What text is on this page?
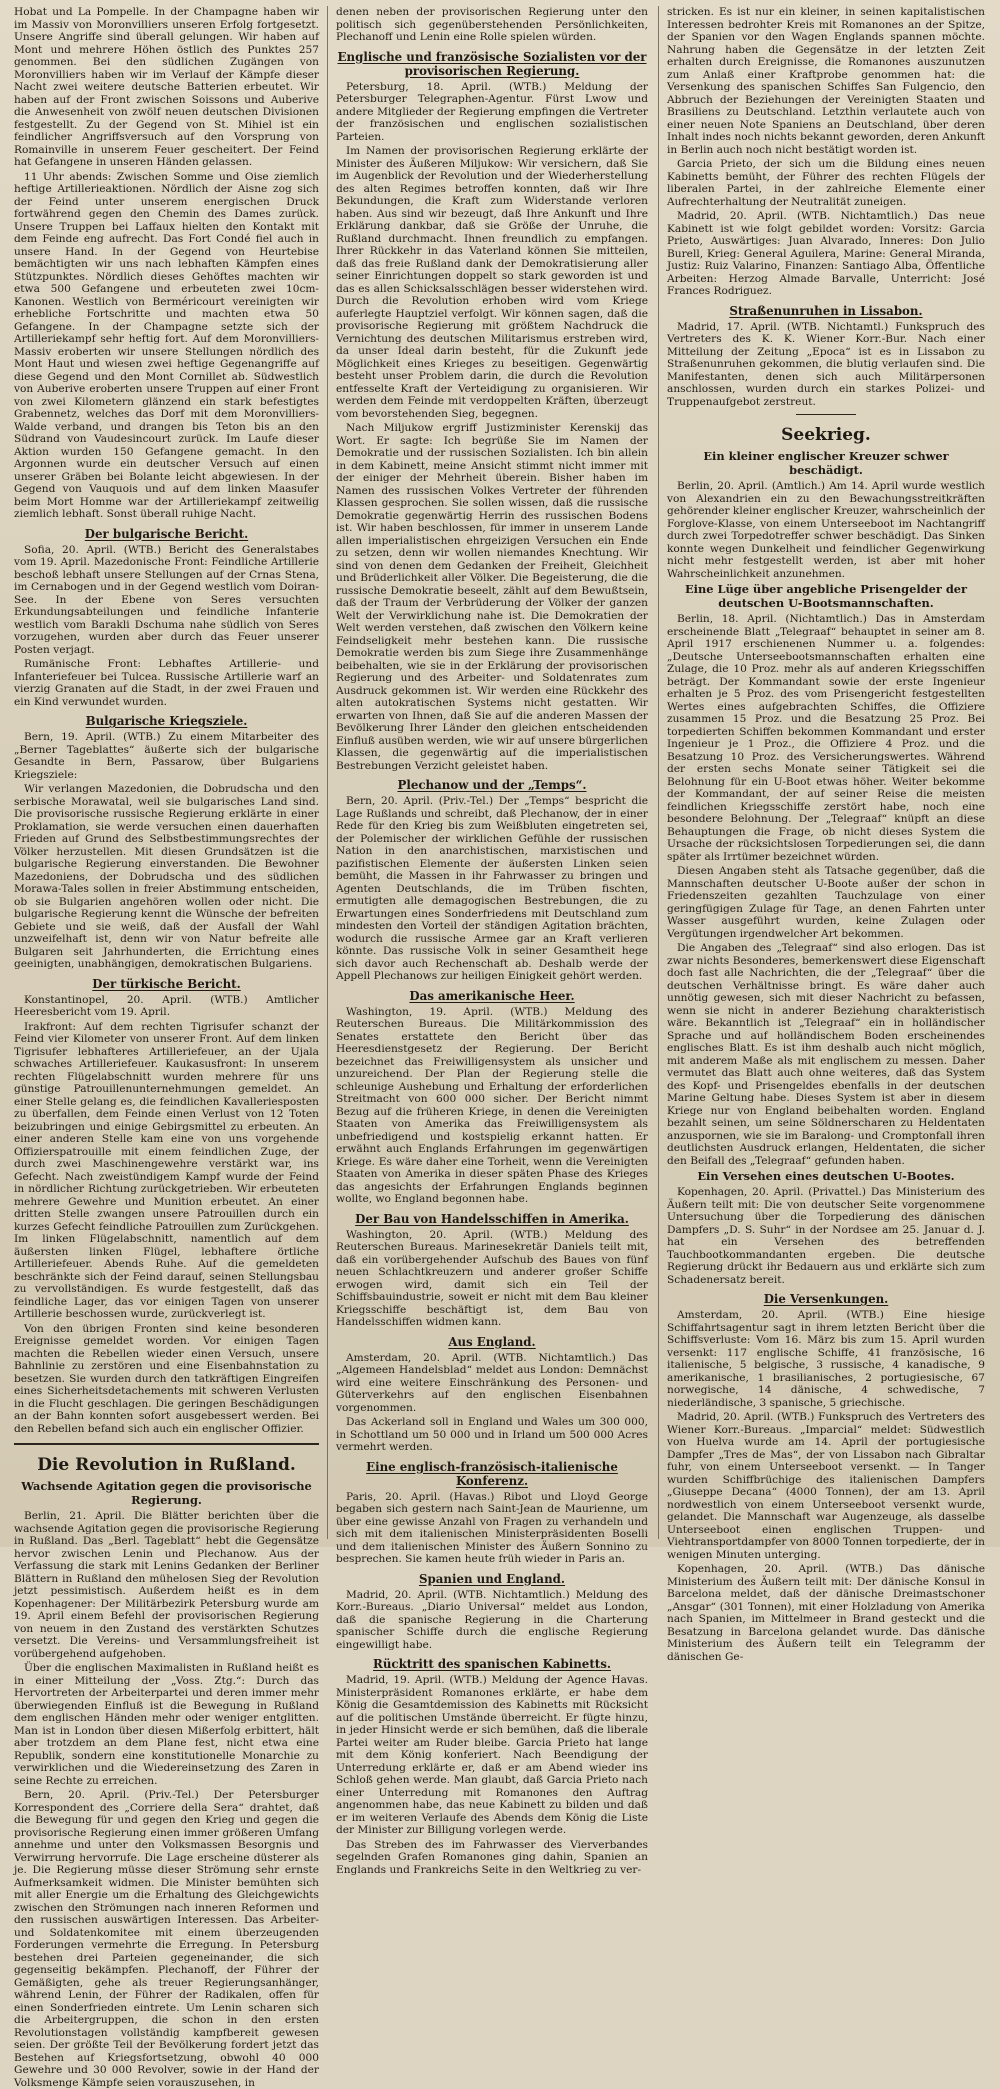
Hobat und La Pompelle. In der Champagne haben wir im Massiv von Moronvilliers unseren Erfolg fortgesetzt. Unsere Angriffe sind überall gelungen. Wir haben auf Mont und mehrere Höhen östlich des Punktes 257 genommen. Bei den südlichen Zugängen von Moronvilliers haben wir im Verlauf der Kämpfe dieser Nacht zwei weitere deutsche Batterien erbeutet. Wir haben auf der Front zwischen Soissons und Auberive die Anwesenheit von zwölf neuen deutschen Divisionen festgestellt. Zu der Gegend von St. Mihiel ist ein feindlicher Angriffsversuch auf den Vorsprung von Romainville in unserem Feuer gescheitert. Der Feind hat Gefangene in unseren Händen gelassen.

11 Uhr abends: Zwischen Somme und Oise ziemlich heftige Artillerieaktionen. Nördlich der Aisne zog sich der Feind unter unserem energischen Druck fortwährend gegen den Chemin des Dames zurück. Unsere Truppen bei Laffaux hielten den Kontakt mit dem Feinde eng aufrecht. Das Fort Condé fiel auch in unsere Hand. In der Gegend von Heurtebise bemächtigten wir uns nach lebhaften Kämpfen eines Stützpunktes. Nördlich dieses Gehöftes machten wir etwa 500 Gefangene und erbeuteten zwei 10cm-Kanonen. Westlich von Berméricourt vereinigten wir erhebliche Fortschritte und machten etwa 50 Gefangene. In der Champagne setzte sich der Artilleriekampf sehr heftig fort. Auf dem Moronvilliers-Massiv eroberten wir unsere Stellungen nördlich des Mont Haut und wiesen zwei heftige Gegenangriffe auf diese Gegend und den Mont Cornillet ab. Südwestlich von Auberive eroberten unsere Truppen auf einer Front von zwei Kilometern glänzend ein stark befestigtes Grabennetz, welches das Dorf mit dem Moronvilliers-Walde verband, und drangen bis Teton bis an den Südrand von Vaudesincourt zurück. Im Laufe dieser Aktion wurden 150 Gefangene gemacht. In den Argonnen wurde ein deutscher Versuch auf einen unserer Gräben bei Bolante leicht abgewiesen. In der Gegend von Vauquois und auf dem linken Maasufer beim Mort Homme war der Artilleriekampf zeitweilig ziemlich lebhaft. Sonst überall ruhige Nacht.

Der bulgarische Bericht.

Sofia, 20. April. (WTB.) Bericht des Generalstabes vom 19. April. Mazedonische Front: Feindliche Artillerie beschoß lebhaft unsere Stellungen auf der Crnas Stena, im Cernabogen und in der Gegend westlich vom Doiran-See. In der Ebene von Seres versuchten Erkundungsabteilungen und feindliche Infanterie westlich vom Barakli Dschuma nahe südlich von Seres vorzugehen, wurden aber durch das Feuer unserer Posten verjagt.

Rumänische Front: Lebhaftes Artillerie- und Infanteriefeuer bei Tulcea. Russische Artillerie warf an vierzig Granaten auf die Stadt, in der zwei Frauen und ein Kind verwundet wurden.

Bulgarische Kriegsziele.

Bern, 19. April. (WTB.) Zu einem Mitarbeiter des „Berner Tageblattes“ äußerte sich der bulgarische Gesandte in Bern, Passarow, über Bulgariens Kriegsziele:

Wir verlangen Mazedonien, die Dobrudscha und den serbische Morawatal, weil sie bulgarisches Land sind. Die provisorische russische Regierung erklärte in einer Proklamation, sie werde versuchen einen dauerhaften Frieden auf Grund des Selbstbestimmungsrechtes der Völker herzustellen. Mit diesen Grundsätzen ist die bulgarische Regierung einverstanden. Die Bewohner Mazedoniens, der Dobrudscha und des südlichen Morawa-Tales sollen in freier Abstimmung entscheiden, ob sie Bulgarien angehören wollen oder nicht. Die bulgarische Regierung kennt die Wünsche der befreiten Gebiete und sie weiß, daß der Ausfall der Wahl unzweifelhaft ist, denn wir von Natur befreite alle Bulgaren seit Jahrhunderten, die Errichtung eines geeinigten, unabhängigen, demokratischen Bulgariens.

Der türkische Bericht.

Konstantinopel, 20. April. (WTB.) Amtlicher Heeresbericht vom 19. April.

Irakfront: Auf dem rechten Tigrisufer schanzt der Feind vier Kilometer von unserer Front. Auf dem linken Tigrisufer lebhafteres Artilleriefeuer, an der Ujala schwaches Artilleriefeuer. Kaukasusfront: In unserem rechten Flügelabschnitt wurden mehrere für uns günstige Patrouillenunternehmungen gemeldet. An einer Stelle gelang es, die feindlichen Kavalleriesposten zu überfallen, dem Feinde einen Verlust von 12 Toten beizubringen und einige Gebirgsmittel zu erbeuten. An einer anderen Stelle kam eine von uns vorgehende Offizierspatrouille mit einem feindlichen Zuge, der durch zwei Maschinengewehre verstärkt war, ins Gefecht. Nach zweistündigem Kampf wurde der Feind in nördlicher Richtung zurückgetrieben. Wir erbeuteten mehrere Gewehre und Munition erbeutet. An einer dritten Stelle zwangen unsere Patrouillen durch ein kurzes Gefecht feindliche Patrouillen zum Zurückgehen. Im linken Flügelabschnitt, namentlich auf dem äußersten linken Flügel, lebhaftere örtliche Artilleriefeuer. Abends Ruhe. Auf die gemeldeten beschränkte sich der Feind darauf, seinen Stellungsbau zu vervollständigen. Es wurde festgestellt, daß das feindliche Lager, das vor einigen Tagen von unserer Artillerie beschossen wurde, zurückverlegt ist.

Von den übrigen Fronten sind keine besonderen Ereignisse gemeldet worden. Vor einigen Tagen machten die Rebellen wieder einen Versuch, unsere Bahnlinie zu zerstören und eine Eisenbahnstation zu besetzen. Sie wurden durch den tatkräftigen Eingreifen eines Sicherheitsdetachements mit schweren Verlusten in die Flucht geschlagen. Die geringen Beschädigungen an der Bahn konnten sofort ausgebessert werden. Bei den Rebellen befand sich auch ein englischer Offizier.

Die Revolution in Rußland.
Wachsende Agitation gegen die provisorische Regierung.

Berlin, 21. April. Die Blätter berichten über die wachsende Agitation gegen die provisorische Regierung in Rußland. Das „Berl. Tageblatt“ hebt die Gegensätze hervor zwischen Lenin und Plechanow. Aus der Verfassung die stark mit Lenins Gedanken der Berliner Blättern in Rußland den mühelosen Sieg der Revolution jetzt pessimistisch. Außerdem heißt es in dem Kopenhagener: Der Militärbezirk Petersburg wurde am 19. April einem Befehl der provisorischen Regierung von neuem in den Zustand des verstärkten Schutzes versetzt. Die Vereins- und Versammlungsfreiheit ist vorübergehend aufgehoben.

Über die englischen Maximalisten in Rußland heißt es in einer Mitteilung der „Voss. Ztg.“: Durch das Hervortreten der Arbeiterpartei und deren immer mehr überwiegenden Einfluß ist die Bewegung in Rußland dem englischen Händen mehr oder weniger entglitten. Man ist in London über diesen Mißerfolg erbittert, hält aber trotzdem an dem Plane fest, nicht etwa eine Republik, sondern eine konstitutionelle Monarchie zu verwirklichen und die Wiedereinsetzung des Zaren in seine Rechte zu erreichen.

Bern, 20. April. (Priv.-Tel.) Der Petersburger Korrespondent des „Corriere della Sera“ drahtet, daß die Bewegung für und gegen den Krieg und gegen die provisorische Regierung einen immer größeren Umfang annehme und unter den Volksmassen Besorgnis und Verwirrung hervorrufe. Die Lage erscheine düsterer als je. Die Regierung müsse dieser Strömung sehr ernste Aufmerksamkeit widmen. Die Minister bemühten sich mit aller Energie um die Erhaltung des Gleichgewichts zwischen den Strömungen nach inneren Reformen und den russischen auswärtigen Interessen. Das Arbeiter- und Soldatenkomitee mit einem überzeugenden Forderungen vermehrte die Erregung. In Petersburg bestehen drei Parteien gegeneinander, die sich gegenseitig bekämpfen. Plechanoff, der Führer der Gemäßigten, gehe als treuer Regierungsanhänger, während Lenin, der Führer der Radikalen, offen für einen Sonderfrieden eintrete. Um Lenin scharen sich die Arbeitergruppen, die schon in den ersten Revolutionstagen vollständig kampfbereit gewesen seien. Der größte Teil der Bevölkerung fordert jetzt das Bestehen auf Kriegsfortsetzung, obwohl 40 000 Gewehre und 30 000 Revolver, sowie in der Hand der Volksmenge Kämpfe seien vorauszusehen, in

denen neben der provisorischen Regierung unter den politisch sich gegenüberstehenden Persönlichkeiten, Plechanoff und Lenin eine Rolle spielen würden.

Englische und französische Sozialisten vor der provisorischen Regierung.

Petersburg, 18. April. (WTB.) Meldung der Petersburger Telegraphen-Agentur. Fürst Lwow und andere Mitglieder der Regierung empfingen die Vertreter der französischen und englischen sozialistischen Parteien.

Im Namen der provisorischen Regierung erklärte der Minister des Äußeren Miljukow: Wir versichern, daß Sie im Augenblick der Revolution und der Wiederherstellung des alten Regimes betroffen konnten, daß wir Ihre Bekundungen, die Kraft zum Widerstande verloren haben. Aus sind wir bezeugt, daß Ihre Ankunft und Ihre Erklärung dankbar, daß sie Größe der Unruhe, die Rußland durchmacht. Ihnen freundlich zu empfangen. Ihrer Rückkehr in das Vaterland können Sie mitteilen, daß das freie Rußland dank der Demokratisierung aller seiner Einrichtungen doppelt so stark geworden ist und das es allen Schicksalsschlägen besser widerstehen wird. Durch die Revolution erhoben wird vom Kriege auferlegte Hauptziel verfolgt. Wir können sagen, daß die provisorische Regierung mit größtem Nachdruck die Vernichtung des deutschen Militarismus erstreben wird, da unser Ideal darin besteht, für die Zukunft jede Möglichkeit eines Krieges zu beseitigen. Gegenwärtig besteht unser Problem darin, die durch die Revolution entfesselte Kraft der Verteidigung zu organisieren. Wir werden dem Feinde mit verdoppelten Kräften, überzeugt vom bevorstehenden Sieg, begegnen.

Nach Miljukow ergriff Justizminister Kerenskij das Wort. Er sagte: Ich begrüße Sie im Namen der Demokratie und der russischen Sozialisten. Ich bin allein in dem Kabinett, meine Ansicht stimmt nicht immer mit der einiger der Mehrheit überein. Bisher haben im Namen des russischen Volkes Vertreter der führenden Klassen gesprochen. Sie sollen wissen, daß die russische Demokratie gegenwärtig Herrin des russischen Bodens ist. Wir haben beschlossen, für immer in unserem Lande allen imperialistischen ehrgeizigen Versuchen ein Ende zu setzen, denn wir wollen niemandes Knechtung. Wir sind von denen dem Gedanken der Freiheit, Gleichheit und Brüderlichkeit aller Völker. Die Begeisterung, die die russische Demokratie beseelt, zählt auf dem Bewußtsein, daß der Traum der Verbrüderung der Völker der ganzen Welt der Verwirklichung nahe ist. Die Demokratien der Welt werden verstehen, daß zwischen den Völkern keine Feindseligkeit mehr bestehen kann. Die russische Demokratie werden bis zum Siege ihre Zusammenhänge beibehalten, wie sie in der Erklärung der provisorischen Regierung und des Arbeiter- und Soldatenrates zum Ausdruck gekommen ist. Wir werden eine Rückkehr des alten autokratischen Systems nicht gestatten. Wir erwarten von Ihnen, daß Sie auf die anderen Massen der Bevölkerung Ihrer Länder den gleichen entscheidenden Einfluß ausüben werden, wie wir auf unsere bürgerlichen Klassen, die gegenwärtig auf die imperialistischen Bestrebungen Verzicht geleistet haben.

Plechanow und der „Temps“.

Bern, 20. April. (Priv.-Tel.) Der „Temps“ bespricht die Lage Rußlands und schreibt, daß Plechanow, der in einer Rede für den Krieg bis zum Weißbluten eingetreten sei, der Polemischer der wirklichen Gefühle der russischen Nation in den anarchistischen, marxistischen und pazifistischen Elemente der äußersten Linken seien bemüht, die Massen in ihr Fahrwasser zu bringen und Agenten Deutschlands, die im Trüben fischten, ermutigten alle demagogischen Bestrebungen, die zu Erwartungen eines Sonderfriedens mit Deutschland zum mindesten den Vorteil der ständigen Agitation brächten, wodurch die russische Armee gar an Kraft verlieren könnte. Das russische Volk in seiner Gesamtheit hege sich davor auch Rechenschaft ab. Deshalb werde der Appell Plechanows zur heiligen Einigkeit gehört werden.

Das amerikanische Heer.

Washington, 19. April. (WTB.) Meldung des Reuterschen Bureaus. Die Militärkommission des Senates erstattete den Bericht über das Heeresdienstgesetz der Regierung. Der Bericht bezeichnet das Freiwilligensystem als unsicher und unzureichend. Der Plan der Regierung stelle die schleunige Aushebung und Erhaltung der erforderlichen Streitmacht von 600 000 sicher. Der Bericht nimmt Bezug auf die früheren Kriege, in denen die Vereinigten Staaten von Amerika das Freiwilligensystem als unbefriedigend und kostspielig erkannt hatten. Er erwähnt auch Englands Erfahrungen im gegenwärtigen Kriege. Es wäre daher eine Torheit, wenn die Vereinigten Staaten von Amerika in dieser späten Phase des Krieges das angesichts der Erfahrungen Englands beginnen wollte, wo England begonnen habe.

Der Bau von Handelsschiffen in Amerika.

Washington, 20. April. (WTB.) Meldung des Reuterschen Bureaus. Marinesekretär Daniels teilt mit, daß ein vorübergehender Aufschub des Baues von fünf neuen Schlachtkreuzern und anderer großer Schiffe erwogen wird, damit sich ein Teil der Schiffsbauindustrie, soweit er nicht mit dem Bau kleiner Kriegsschiffe beschäftigt ist, dem Bau von Handelsschiffen widmen kann.

Aus England.

Amsterdam, 20. April. (WTB. Nichtamtlich.) Das „Algemeen Handelsblad“ meldet aus London: Demnächst wird eine weitere Einschränkung des Personen- und Güterverkehrs auf den englischen Eisenbahnen vorgenommen.

Das Ackerland soll in England und Wales um 300 000, in Schottland um 50 000 und in Irland um 500 000 Acres vermehrt werden.

Eine englisch-französisch-italienische Konferenz.

Paris, 20. April. (Havas.) Ribot und Lloyd George begaben sich gestern nach Saint-Jean de Maurienne, um über eine gewisse Anzahl von Fragen zu verhandeln und sich mit dem italienischen Ministerpräsidenten Boselli und dem italienischen Minister des Äußern Sonnino zu besprechen. Sie kamen heute früh wieder in Paris an.

Spanien und England.

Madrid, 20. April. (WTB. Nichtamtlich.) Meldung des Korr.-Bureaus. „Diario Universal“ meldet aus London, daß die spanische Regierung in die Charterung spanischer Schiffe durch die englische Regierung eingewilligt habe.

Rücktritt des spanischen Kabinetts.

Madrid, 19. April. (WTB.) Meldung der Agence Havas. Ministerpräsident Romanones erklärte, er habe dem König die Gesamtdemission des Kabinetts mit Rücksicht auf die politischen Umstände überreicht. Er fügte hinzu, in jeder Hinsicht werde er sich bemühen, daß die liberale Partei weiter am Ruder bleibe. Garcia Prieto hat lange mit dem König konferiert. Nach Beendigung der Unterredung erklärte er, daß er am Abend wieder ins Schloß gehen werde. Man glaubt, daß Garcia Prieto nach einer Unterredung mit Romanones den Auftrag angenommen habe, das neue Kabinett zu bilden und daß er im weiteren Verlaufe des Abends dem König die Liste der Minister zur Billigung vorlegen werde.

Das Streben des im Fahrwasser des Vierverbandes segelnden Grafen Romanones ging dahin, Spanien an Englands und Frankreichs Seite in den Weltkrieg zu ver-

stricken. Es ist nur ein kleiner, in seinen kapitalistischen Interessen bedrohter Kreis mit Romanones an der Spitze, der Spanien vor den Wagen Englands spannen möchte. Nahrung haben die Gegensätze in der letzten Zeit erhalten durch Ereignisse, die Romanones auszunutzen zum Anlaß einer Kraftprobe genommen hat: die Versenkung des spanischen Schiffes San Fulgencio, den Abbruch der Beziehungen der Vereinigten Staaten und Brasiliens zu Deutschland. Letzthin verlautete auch von einer neuen Note Spaniens an Deutschland, über deren Inhalt indes noch nichts bekannt geworden, deren Ankunft in Berlin auch noch nicht bestätigt worden ist.

Garcia Prieto, der sich um die Bildung eines neuen Kabinetts bemüht, der Führer des rechten Flügels der liberalen Partei, in der zahlreiche Elemente einer Aufrechterhaltung der Neutralität zuneigen.

Madrid, 20. April. (WTB. Nichtamtlich.) Das neue Kabinett ist wie folgt gebildet worden: Vorsitz: Garcia Prieto, Auswärtiges: Juan Alvarado, Inneres: Don Julio Burell, Krieg: General Aguilera, Marine: General Miranda, Justiz: Ruiz Valarino, Finanzen: Santiago Alba, Öffentliche Arbeiten: Herzog Almade Barvalle, Unterricht: José Frances Rodriguez.

Straßenunruhen in Lissabon.

Madrid, 17. April. (WTB. Nichtamtl.) Funkspruch des Vertreters des K. K. Wiener Korr.-Bur. Nach einer Mitteilung der Zeitung „Epoca“ ist es in Lissabon zu Straßenunruhen gekommen, die blutig verlaufen sind. Die Manifestanten, denen sich auch Militärpersonen anschlossen, wurden durch ein starkes Polizei- und Truppenaufgebot zerstreut.

Seekrieg.
Ein kleiner englischer Kreuzer schwer beschädigt.

Berlin, 20. April. (Amtlich.) Am 14. April wurde westlich von Alexandrien ein zu den Bewachungsstreitkräften gehörender kleiner englischer Kreuzer, wahrscheinlich der Forglove-Klasse, von einem Unterseeboot im Nachtangriff durch zwei Torpedotreffer schwer beschädigt. Das Sinken konnte wegen Dunkelheit und feindlicher Gegenwirkung nicht mehr festgestellt werden, ist aber mit hoher Wahrscheinlichkeit anzunehmen.

Eine Lüge über angebliche Prisengelder der deutschen U-Bootsmannschaften.

Berlin, 18. April. (Nichtamtlich.) Das in Amsterdam erscheinende Blatt „Telegraaf“ behauptet in seiner am 8. April 1917 erschienenen Nummer u. a. folgendes: „Deutsche Unterseebootsmannschaften erhalten eine Zulage, die 10 Proz. mehr als auf anderen Kriegsschiffen beträgt. Der Kommandant sowie der erste Ingenieur erhalten je 5 Proz. des vom Prisengericht festgestellten Wertes eines aufgebrachten Schiffes, die Offiziere zusammen 15 Proz. und die Besatzung 25 Proz. Bei torpedierten Schiffen bekommen Kommandant und erster Ingenieur je 1 Proz., die Offiziere 4 Proz. und die Besatzung 10 Proz. des Versicherungswertes. Während der ersten sechs Monate seiner Tätigkeit sei die Belohnung für ein U-Boot etwas höher. Weiter bekomme der Kommandant, der auf seiner Reise die meisten feindlichen Kriegsschiffe zerstört habe, noch eine besondere Belohnung. Der „Telegraaf“ knüpft an diese Behauptungen die Frage, ob nicht dieses System die Ursache der rücksichtslosen Torpedierungen sei, die dann später als Irrtümer bezeichnet würden.

Diesen Angaben steht als Tatsache gegenüber, daß die Mannschaften deutscher U-Boote außer der schon in Friedenszeiten gezahlten Tauchzulage von einer geringfügigen Zulage für Tage, an denen Fahrten unter Wasser ausgeführt wurden, keine Zulagen oder Vergütungen irgendwelcher Art bekommen.

Die Angaben des „Telegraaf“ sind also erlogen. Das ist zwar nichts Besonderes, bemerkenswert diese Eigenschaft doch fast alle Nachrichten, die der „Telegraaf“ über die deutschen Verhältnisse bringt. Es wäre daher auch unnötig gewesen, sich mit dieser Nachricht zu befassen, wenn sie nicht in anderer Beziehung charakteristisch wäre. Bekanntlich ist „Telegraaf“ ein in holländischer Sprache und auf holländischem Boden erscheinendes englisches Blatt. Es ist ihm deshalb auch nicht möglich, mit anderem Maße als mit englischem zu messen. Daher vermutet das Blatt auch ohne weiteres, daß das System des Kopf- und Prisengeldes ebenfalls in der deutschen Marine Geltung habe. Dieses System ist aber in diesem Kriege nur von England beibehalten worden. England bezahlt seinen, um seine Söldnerscharen zu Heldentaten anzuspornen, wie sie im Baralong- und Cromptonfall ihren deutlichsten Ausdruck erlangen, Heldentaten, die sicher den Beifall des „Telegraaf“ gefunden haben.

Ein Versehen eines deutschen U-Bootes.

Kopenhagen, 20. April. (Privattel.) Das Ministerium des Äußern teilt mit: Die von deutscher Seite vorgenommene Untersuchung über die Torpedierung des dänischen Dampfers „D. S. Suhr“ in der Nordsee am 25. Januar d. J. hat ein Versehen des betreffenden Tauchbootkommandanten ergeben. Die deutsche Regierung drückt ihr Bedauern aus und erklärte sich zum Schadenersatz bereit.

Die Versenkungen.

Amsterdam, 20. April. (WTB.) Eine hiesige Schiffahrtsagentur sagt in ihrem letzten Bericht über die Schiffsverluste: Vom 16. März bis zum 15. April wurden versenkt: 117 englische Schiffe, 41 französische, 16 italienische, 5 belgische, 3 russische, 4 kanadische, 9 amerikanische, 1 brasilianisches, 2 portugiesische, 67 norwegische, 14 dänische, 4 schwedische, 7 niederländische, 3 spanische, 5 griechische.

Madrid, 20. April. (WTB.) Funkspruch des Vertreters des Wiener Korr.-Bureaus. „Imparcial“ meldet: Südwestlich von Huelva wurde am 14. April der portugiesische Dampfer „Tres de Mas“, der von Lissabon nach Gibraltar fuhr, von einem Unterseeboot versenkt. — In Tanger wurden Schiffbrüchige des italienischen Dampfers „Giuseppe Decana“ (4000 Tonnen), der am 13. April nordwestlich von einem Unterseeboot versenkt wurde, gelandet. Die Mannschaft war Augenzeuge, als dasselbe Unterseeboot einen englischen Truppen- und Viehtransportdampfer von 8000 Tonnen torpedierte, der in wenigen Minuten unterging.

Kopenhagen, 20. April. (WTB.) Das dänische Ministerium des Äußern teilt mit: Der dänische Konsul in Barcelona meldet, daß der dänische Dreimastschoner „Ansgar“ (301 Tonnen), mit einer Holzladung von Amerika nach Spanien, im Mittelmeer in Brand gesteckt und die Besatzung in Barcelona gelandet wurde. Das dänische Ministerium des Äußern teilt ein Telegramm der dänischen Ge-
